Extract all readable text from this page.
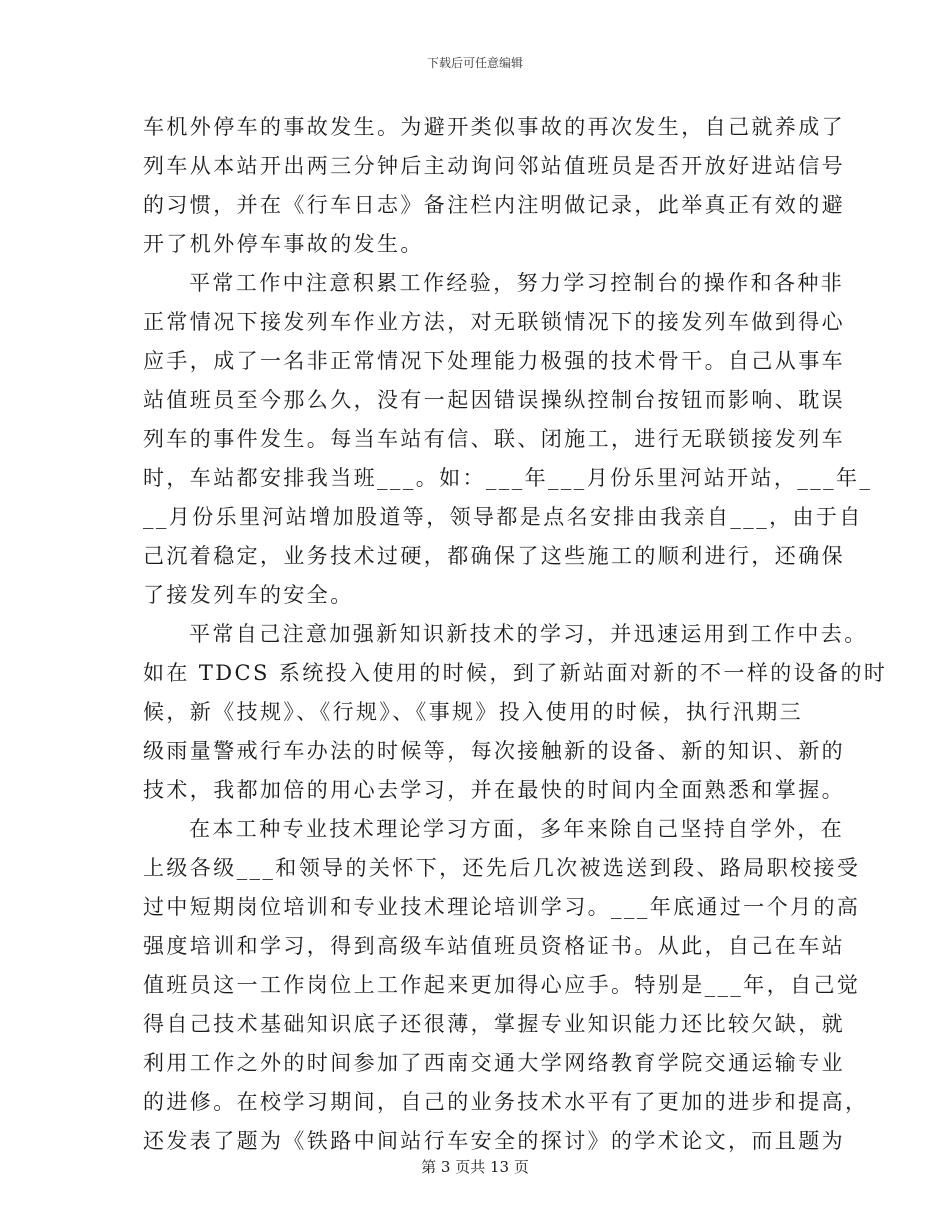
下载后可任意编辑
车机外停车的事故发生。为避开类似事故的再次发生，自己就养成了
列车从本站开出两三分钟后主动询问邻站值班员是否开放好进站信号
的习惯，并在《行车日志》备注栏内注明做记录，此举真正有效的避
开了机外停车事故的发生。
平常工作中注意积累工作经验，努力学习控制台的操作和各种非
正常情况下接发列车作业方法，对无联锁情况下的接发列车做到得心
应手，成了一名非正常情况下处理能力极强的技术骨干。自己从事车
站值班员至今那么久，没有一起因错误操纵控制台按钮而影响、耽误
列车的事件发生。每当车站有信、联、闭施工，进行无联锁接发列车
时，车站都安排我当班___。如：___年___月份乐里河站开站，___年_
__月份乐里河站增加股道等，领导都是点名安排由我亲自___，由于自
己沉着稳定，业务技术过硬，都确保了这些施工的顺利进行，还确保
了接发列车的安全。
平常自己注意加强新知识新技术的学习，并迅速运用到工作中去。
如在 TDCS 系统投入使用的时候，到了新站面对新的不一样的设备的时
候，新《技规》、《行规》、《事规》投入使用的时候，执行汛期三
级雨量警戒行车办法的时候等，每次接触新的设备、新的知识、新的
技术，我都加倍的用心去学习，并在最快的时间内全面熟悉和掌握。
在本工种专业技术理论学习方面，多年来除自己坚持自学外，在
上级各级___和领导的关怀下，还先后几次被选送到段、路局职校接受
过中短期岗位培训和专业技术理论培训学习。___年底通过一个月的高
强度培训和学习，得到高级车站值班员资格证书。从此，自己在车站
值班员这一工作岗位上工作起来更加得心应手。特别是___年，自己觉
得自己技术基础知识底子还很薄，掌握专业知识能力还比较欠缺，就
利用工作之外的时间参加了西南交通大学网络教育学院交通运输专业
的进修。在校学习期间，自己的业务技术水平有了更加的进步和提高，
还发表了题为《铁路中间站行车安全的探讨》的学术论文，而且题为
第 3 页共 13 页
